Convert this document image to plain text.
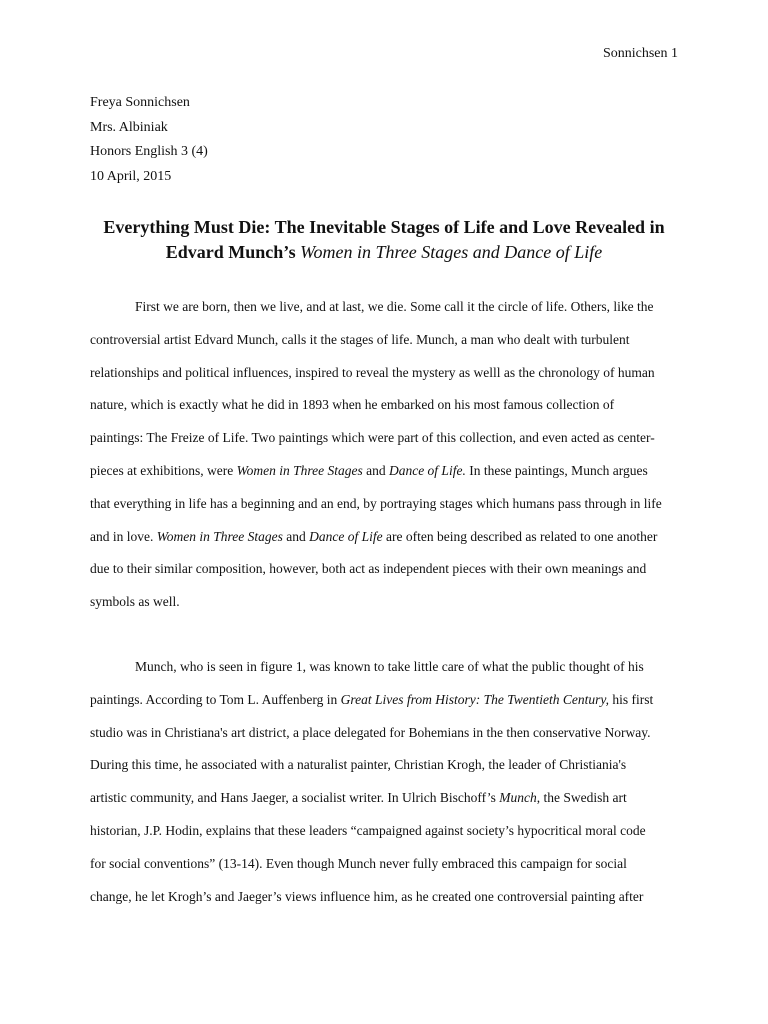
Sonnichsen 1
Freya Sonnichsen
Mrs. Albiniak
Honors English 3 (4)
10 April, 2015
Everything Must Die: The Inevitable Stages of Life and Love Revealed in
Edvard Munch’s Women in Three Stages and Dance of Life
First we are born, then we live, and at last, we die. Some call it the circle of life. Others, like the
controversial artist Edvard Munch, calls it the stages of life. Munch, a man who dealt with turbulent
relationships and political influences, inspired to reveal the mystery as welll as the chronology of human
nature, which is exactly what he did in 1893 when he embarked on his most famous collection of
paintings: The Freize of Life. Two paintings which were part of this collection, and even acted as center-
pieces at exhibitions, were Women in Three Stages and Dance of Life. In these paintings, Munch argues
that everything in life has a beginning and an end, by portraying stages which humans pass through in life
and in love. Women in Three Stages and Dance of Life are often being described as related to one another
due to their similar composition, however, both act as independent pieces with their own meanings and
symbols as well.
Munch, who is seen in figure 1, was known to take little care of what the public thought of his
paintings. According to Tom L. Auffenberg in Great Lives from History: The Twentieth Century, his first
studio was in Christiana's art district, a place delegated for Bohemians in the then conservative Norway.
During this time, he associated with a naturalist painter, Christian Krogh, the leader of Christiania's
artistic community, and Hans Jaeger, a socialist writer. In Ulrich Bischoff’s Munch, the Swedish art
historian, J.P. Hodin, explains that these leaders “campaigned against society’s hypocritical moral code
for social conventions” (13-14). Even though Munch never fully embraced this campaign for social
change, he let Krogh’s and Jaeger’s views influence him, as he created one controversial painting after
